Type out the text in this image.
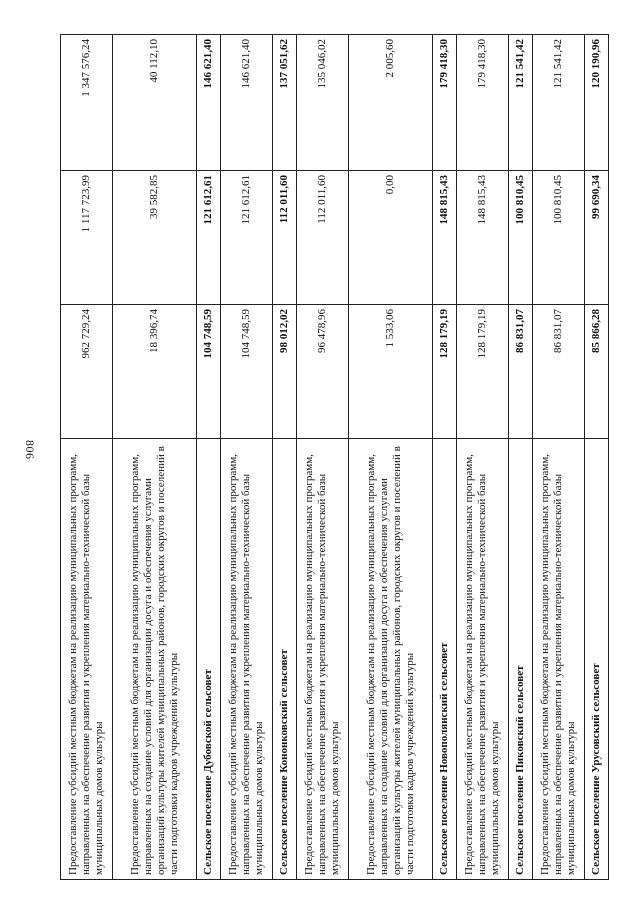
806
Предоставление субсидий местным бюджетам на реализацию муниципальных программ, направленных на обеспечение развития и укрепления материально-технической базы муниципальных домов культуры	962 729,24	1 117 723,99	1 347 576,24
Предоставление субсидий местным бюджетам на реализацию муниципальных программ, направленных на создание условий для организации досуга и обеспечения услугами организаций культуры жителей муниципальных районов, городских округов и поселений в части подготовки кадров учреждений культуры	18 396,74	39 582,85	40 112,10
Сельское поселение Дубовской сельсовет	104 748,59	121 612,61	146 621,40
Предоставление субсидий местным бюджетам на реализацию муниципальных программ, направленных на обеспечение развития и укрепления материально-технической базы муниципальных домов культуры	104 748,59	121 612,61	146 621,40
Сельское поселение Кононковский сельсовет	98 012,02	112 011,60	137 051,62
Предоставление субсидий местным бюджетам на реализацию муниципальных программ, направленных на обеспечение развития и укрепления материально-технической базы муниципальных домов культуры	96 478,96	112 011,60	135 046,02
Предоставление субсидий местным бюджетам на реализацию муниципальных программ, направленных на создание условий для организации досуга и обеспечения услугами организаций культуры жителей муниципальных районов, городских округов и поселений в части подготовки кадров учреждений культуры	1 533,06	0,00	2 005,60
Сельское поселение Новополянский сельсовет	128 179,19	148 815,43	179 418,30
Предоставление субсидий местным бюджетам на реализацию муниципальных программ, направленных на обеспечение развития и укрепления материально-технической базы муниципальных домов культуры	128 179,19	148 815,43	179 418,30
Сельское поселение Пиковский сельсовет	86 831,07	100 810,45	121 541,42
Предоставление субсидий местным бюджетам на реализацию муниципальных программ, направленных на обеспечение развития и укрепления материально-технической базы муниципальных домов культуры	86 831,07	100 810,45	121 541,42
Сельское поселение Урусовский сельсовет	85 866,28	99 690,34	120 190,96
